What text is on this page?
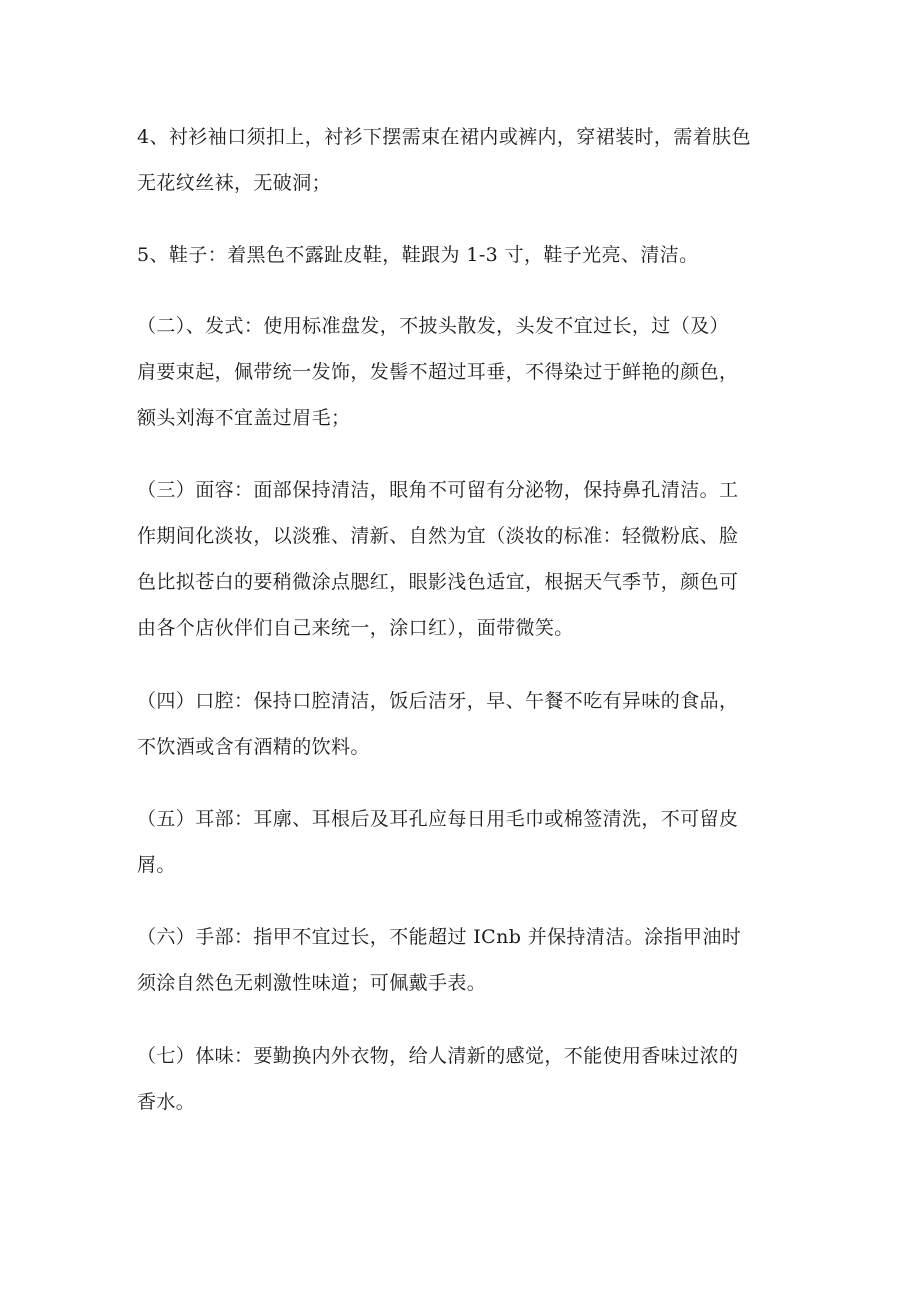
4、衬衫袖口须扣上，衬衫下摆需束在裙内或裤内，穿裙装时，需着肤色
无花纹丝袜，无破洞；

5、鞋子：着黑色不露趾皮鞋，鞋跟为 1-3 寸，鞋子光亮、清洁。

（二）、发式：使用标准盘发，不披头散发，头发不宜过长，过（及）
肩要束起，佩带统一发饰，发髻不超过耳垂，不得染过于鲜艳的颜色，
额头刘海不宜盖过眉毛；

（三）面容：面部保持清洁，眼角不可留有分泌物，保持鼻孔清洁。工
作期间化淡妆，以淡雅、清新、自然为宜（淡妆的标准：轻微粉底、脸
色比拟苍白的要稍微涂点腮红，眼影浅色适宜，根据天气季节，颜色可
由各个店伙伴们自己来统一，涂口红），面带微笑。

（四）口腔：保持口腔清洁，饭后洁牙，早、午餐不吃有异味的食品，
不饮酒或含有酒精的饮料。

（五）耳部：耳廓、耳根后及耳孔应每日用毛巾或棉签清洗，不可留皮
屑。

（六）手部：指甲不宜过长，不能超过 ICnb 并保持清洁。涂指甲油时
须涂自然色无刺激性味道；可佩戴手表。

（七）体味：要勤换内外衣物，给人清新的感觉，不能使用香味过浓的
香水。
